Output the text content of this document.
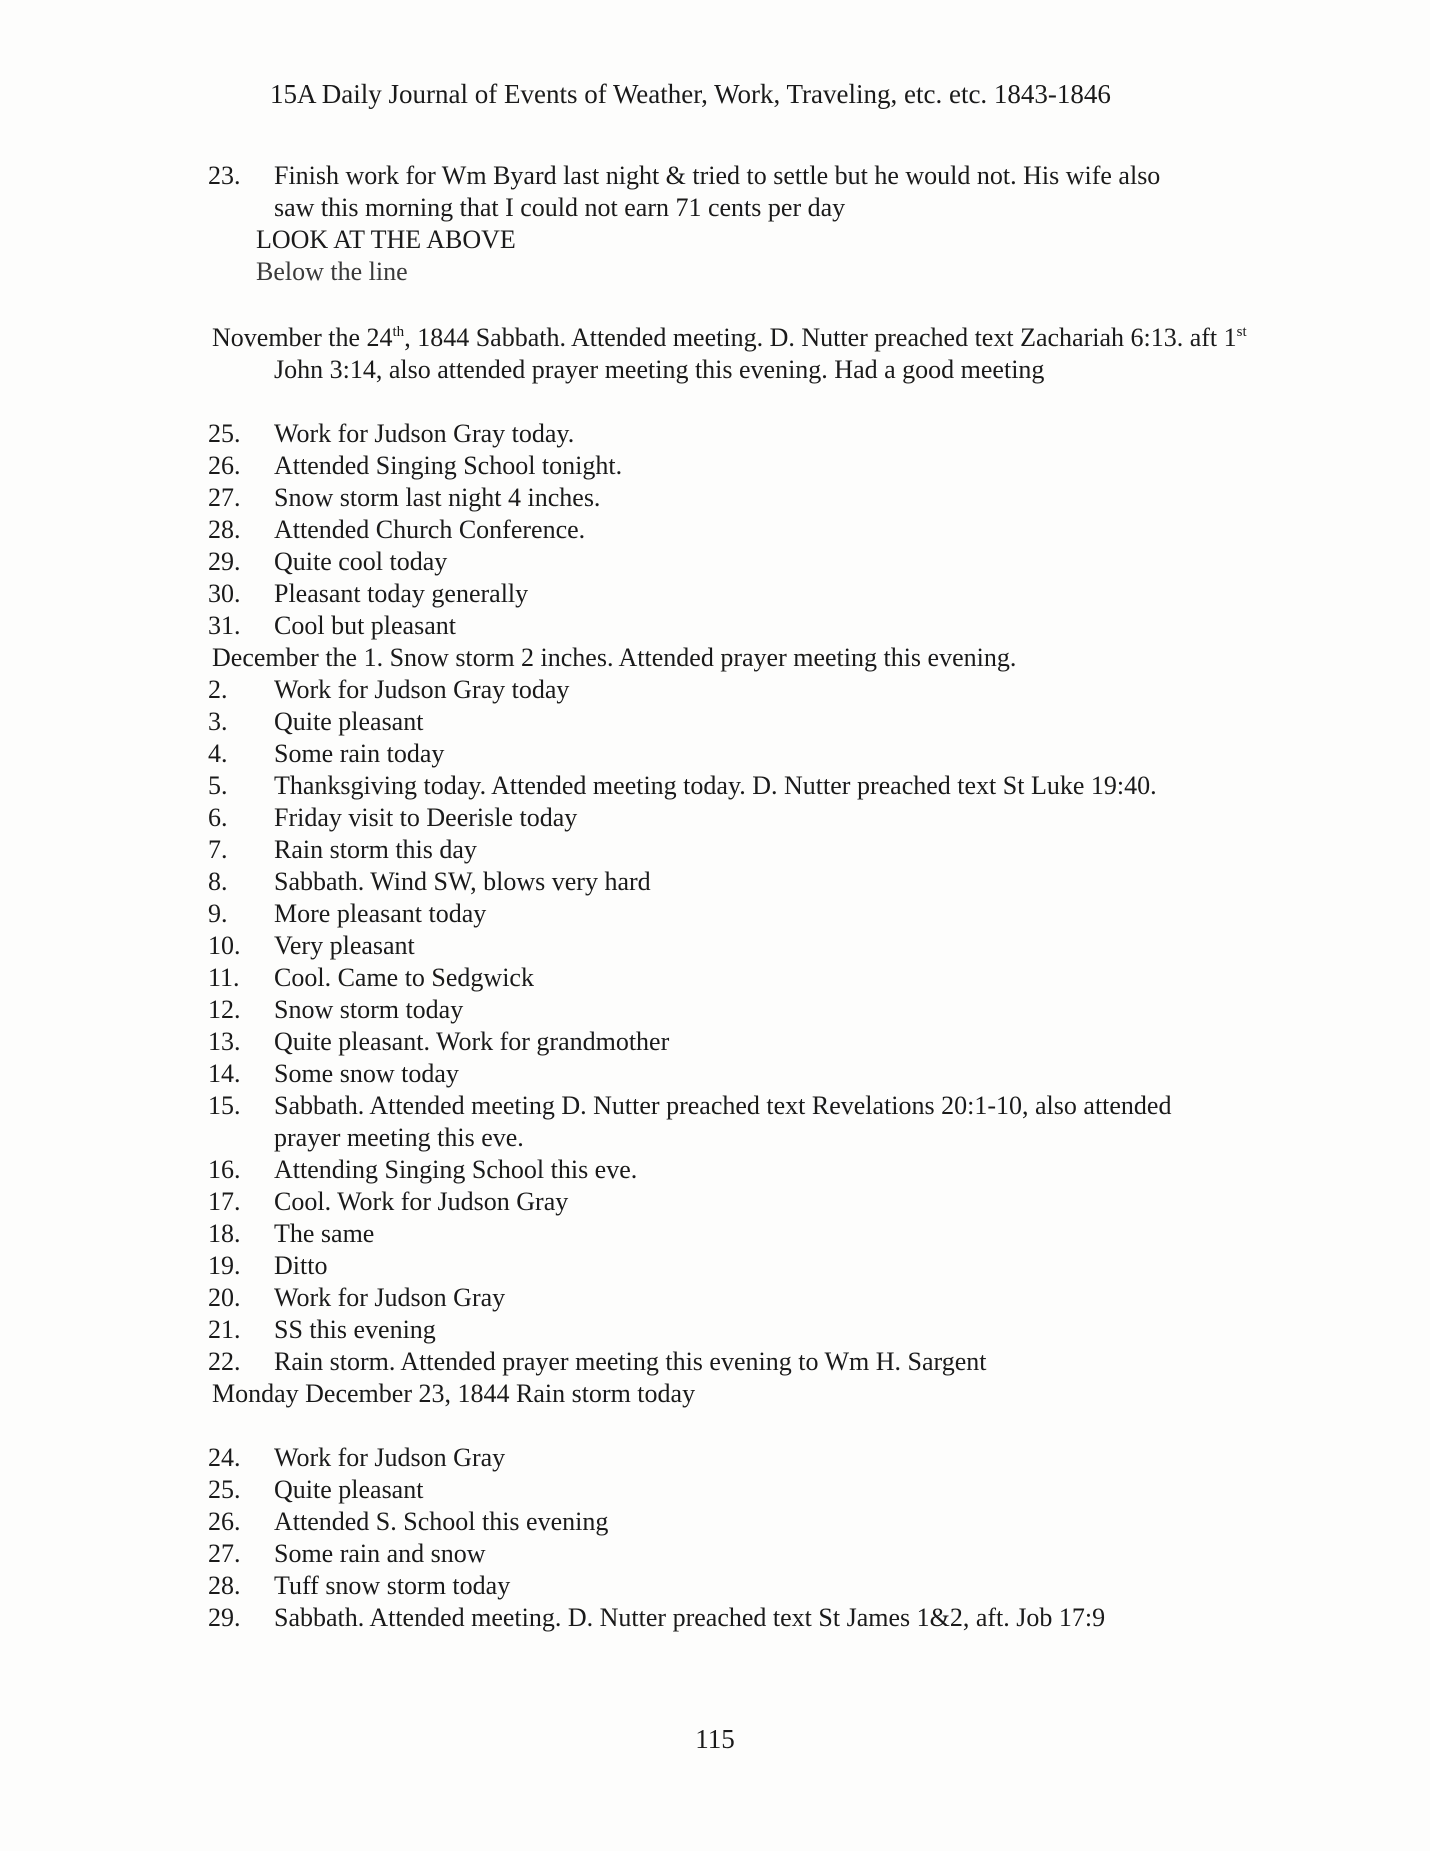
15A Daily Journal of Events of Weather, Work, Traveling, etc. etc. 1843-1846
23.	Finish work for Wm Byard last night & tried to settle but he would not. His wife also saw this morning that I could not earn 71 cents per day
LOOK AT THE ABOVE
Below the line
November the 24th, 1844 Sabbath. Attended meeting. D. Nutter preached text Zachariah 6:13. aft 1st John 3:14, also attended prayer meeting this evening. Had a good meeting
25.	Work for Judson Gray today.
26.	Attended Singing School tonight.
27.	Snow storm last night 4 inches.
28.	Attended Church Conference.
29.	Quite cool today
30.	Pleasant today generally
31.	Cool but pleasant
December the 1. Snow storm 2 inches. Attended prayer meeting this evening.
2.	Work for Judson Gray today
3.	Quite pleasant
4.	Some rain today
5.	Thanksgiving today. Attended meeting today. D. Nutter preached text St Luke 19:40.
6.	Friday visit to Deerisle today
7.	Rain storm this day
8.	Sabbath. Wind SW, blows very hard
9.	More pleasant today
10.	Very pleasant
11.	Cool. Came to Sedgwick
12.	Snow storm today
13.	Quite pleasant. Work for grandmother
14.	Some snow today
15.	Sabbath. Attended meeting D. Nutter preached text Revelations 20:1-10, also attended prayer meeting this eve.
16.	Attending Singing School this eve.
17.	Cool. Work for Judson Gray
18.	The same
19.	Ditto
20.	Work for Judson Gray
21.	SS this evening
22.	Rain storm. Attended prayer meeting this evening to Wm H. Sargent
Monday December 23, 1844 Rain storm today
24.	Work for Judson Gray
25.	Quite pleasant
26.	Attended S. School this evening
27.	Some rain and snow
28.	Tuff snow storm today
29.	Sabbath. Attended meeting. D. Nutter preached text St James 1&2, aft. Job 17:9
115
